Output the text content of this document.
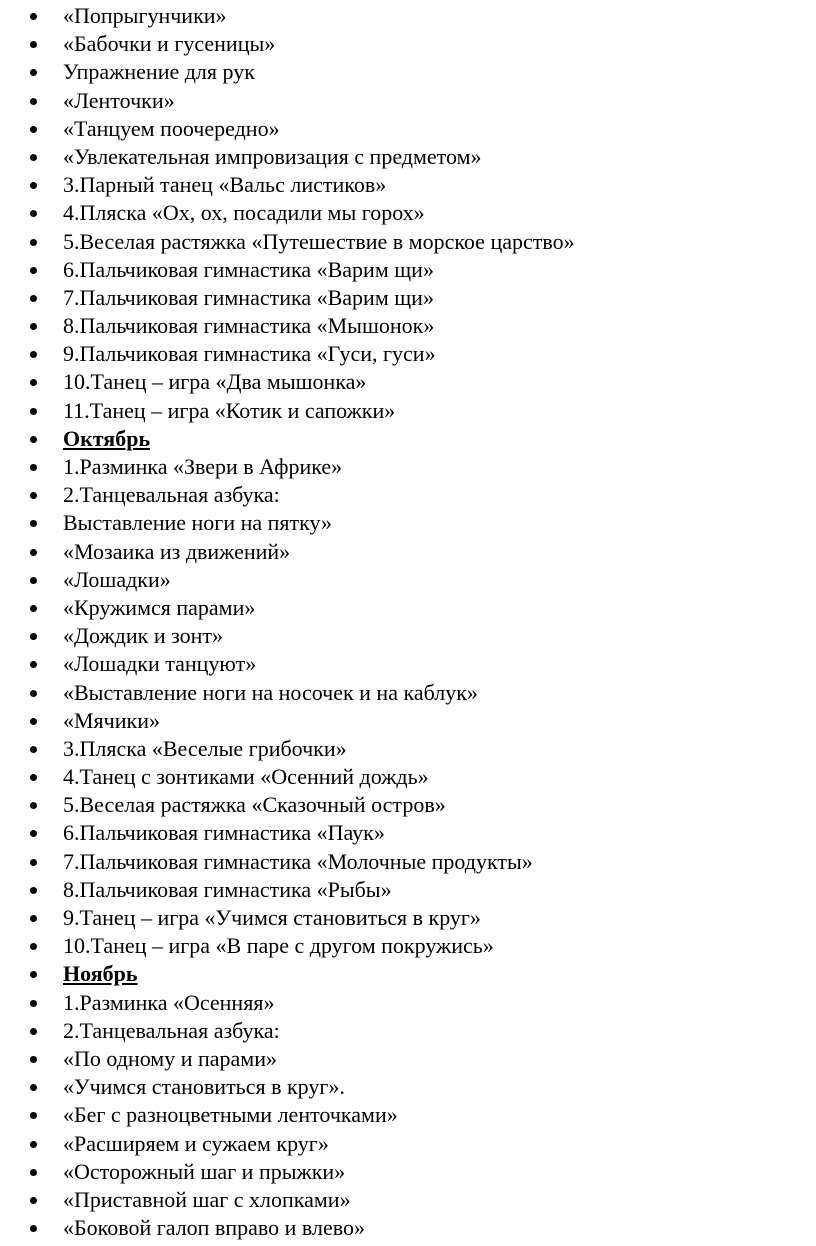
«Попрыгунчики»
«Бабочки и гусеницы»
Упражнение для рук
«Ленточки»
«Танцуем поочередно»
«Увлекательная импровизация с предметом»
3.Парный танец «Вальс листиков»
4.Пляска «Ох, ох, посадили мы горох»
5.Веселая растяжка «Путешествие в морское царство»
6.Пальчиковая гимнастика «Варим щи»
7.Пальчиковая гимнастика «Варим щи»
8.Пальчиковая гимнастика «Мышонок»
9.Пальчиковая гимнастика «Гуси, гуси»
10.Танец – игра «Два мышонка»
11.Танец – игра «Котик и сапожки»
Октябрь
1.Разминка «Звери в Африке»
2.Танцевальная азбука:
Выставление ноги на пятку»
«Мозаика из движений»
«Лошадки»
«Кружимся парами»
«Дождик и зонт»
«Лошадки танцуют»
«Выставление ноги на носочек и на каблук»
«Мячики»
3.Пляска «Веселые грибочки»
4.Танец с зонтиками «Осенний дождь»
5.Веселая растяжка «Сказочный остров»
6.Пальчиковая гимнастика «Паук»
7.Пальчиковая гимнастика «Молочные продукты»
8.Пальчиковая гимнастика «Рыбы»
9.Танец – игра «Учимся становиться в круг»
10.Танец – игра «В паре с другом покружись»
Ноябрь
1.Разминка «Осенняя»
2.Танцевальная азбука:
«По одному и парами»
«Учимся становиться в круг».
«Бег с разноцветными ленточками»
«Расширяем и сужаем круг»
«Осторожный шаг и прыжки»
«Приставной шаг с хлопками»
«Боковой галоп вправо и влево»
